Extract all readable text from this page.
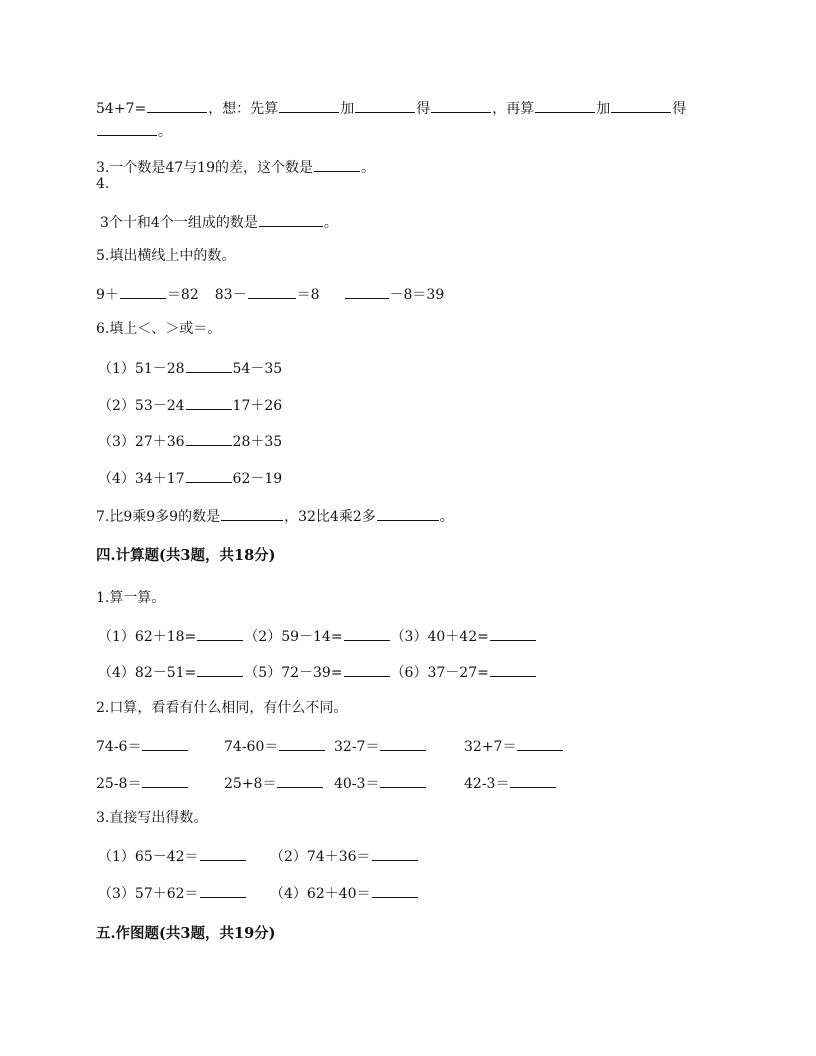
54+7=	，想：先算	加	得	，再算	加	得
。
3.一个数是47与19的差，这个数是	。
4.
3个十和4个一组成的数是	。
5.填出横线上中的数。
9＋	＝82 83－	＝8	－8＝39
6.填上＜、＞或＝。
（1）51－28	54－35
（2）53－24	17＋26
（3）27＋36	28＋35
（4）34＋17	62－19
7.比9乘9多9的数是	，32比4乘2多	。
四.计算题(共3题，共18分)
1.算一算。
（1）62＋18=	（2）59－14=	（3）40＋42=
（4）82－51=	（5）72－39=	（6）37－27=
2.口算，看看有什么相同，有什么不同。
74-6＝	74-60＝	32-7＝	32+7＝
25-8＝	25+8＝	40-3＝	42-3＝
3.直接写出得数。
（1）65－42＝	（2）74＋36＝
（3）57＋62＝	（4）62＋40＝
五.作图题(共3题，共19分)
